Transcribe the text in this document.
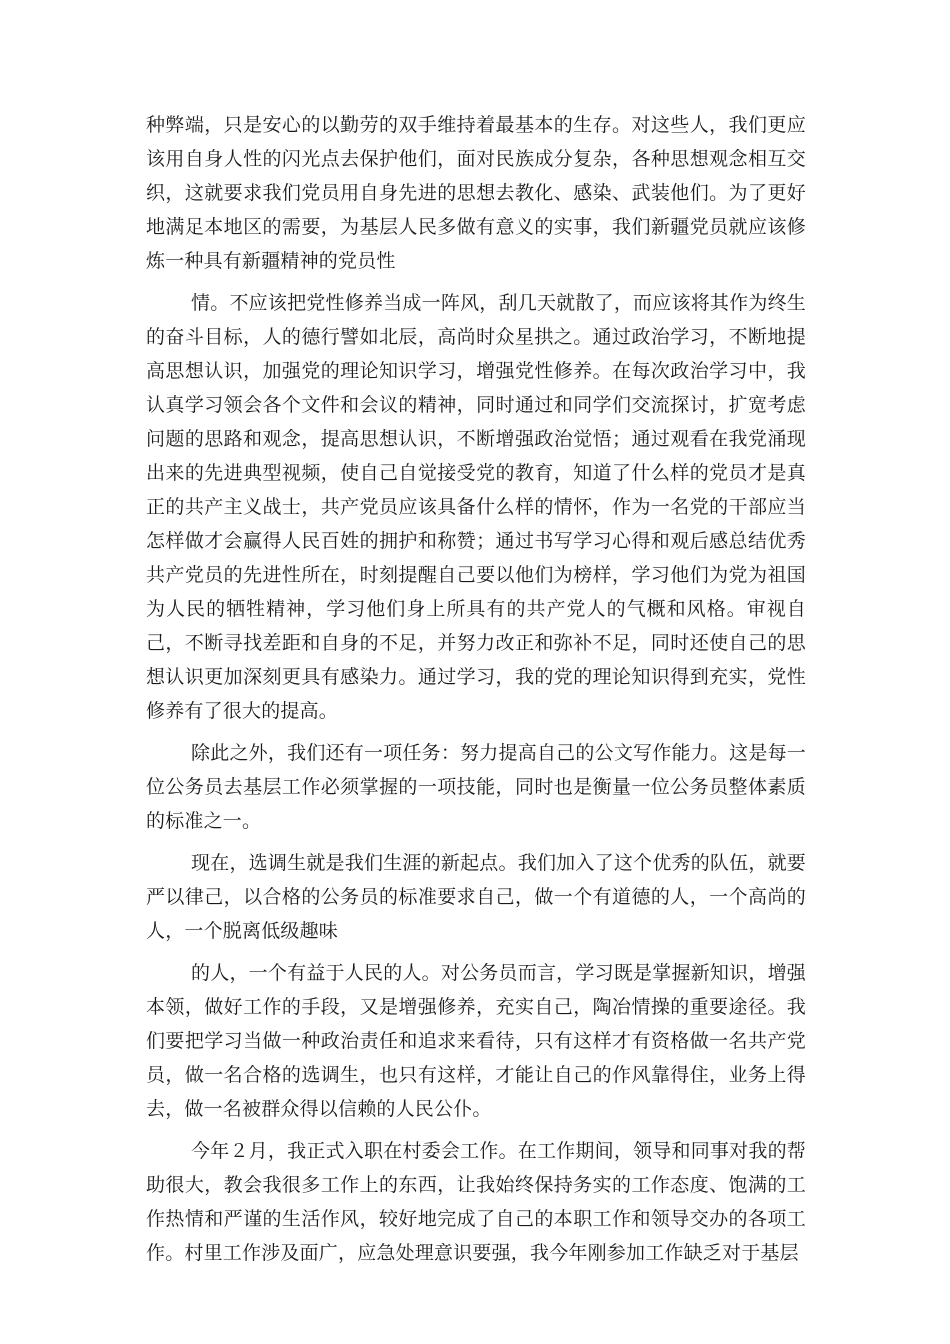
种弊端，只是安心的以勤劳的双手维持着最基本的生存。对这些人，我们更应该用自身人性的闪光点去保护他们，面对民族成分复杂，各种思想观念相互交织，这就要求我们党员用自身先进的思想去教化、感染、武装他们。为了更好地满足本地区的需要，为基层人民多做有意义的实事，我们新疆党员就应该修炼一种具有新疆精神的党员性

情。不应该把党性修养当成一阵风，刮几天就散了，而应该将其作为终生的奋斗目标，人的德行譬如北辰，高尚时众星拱之。通过政治学习，不断地提高思想认识，加强党的理论知识学习，增强党性修养。在每次政治学习中，我认真学习领会各个文件和会议的精神，同时通过和同学们交流探讨，扩宽考虑问题的思路和观念，提高思想认识，不断增强政治觉悟；通过观看在我党涌现出来的先进典型视频，使自己自觉接受党的教育，知道了什么样的党员才是真正的共产主义战士，共产党员应该具备什么样的情怀，作为一名党的干部应当怎样做才会赢得人民百姓的拥护和称赞；通过书写学习心得和观后感总结优秀共产党员的先进性所在，时刻提醒自己要以他们为榜样，学习他们为党为祖国为人民的牺牲精神，学习他们身上所具有的共产党人的气概和风格。审视自己，不断寻找差距和自身的不足，并努力改正和弥补不足，同时还使自己的思想认识更加深刻更具有感染力。通过学习，我的党的理论知识得到充实，党性修养有了很大的提高。

除此之外，我们还有一项任务：努力提高自己的公文写作能力。这是每一位公务员去基层工作必须掌握的一项技能，同时也是衡量一位公务员整体素质的标准之一。

现在，选调生就是我们生涯的新起点。我们加入了这个优秀的队伍，就要严以律己，以合格的公务员的标准要求自己，做一个有道德的人，一个高尚的人，一个脱离低级趣味

的人，一个有益于人民的人。对公务员而言，学习既是掌握新知识，增强本领，做好工作的手段，又是增强修养，充实自己，陶冶情操的重要途径。我们要把学习当做一种政治责任和追求来看待，只有这样才有资格做一名共产党员，做一名合格的选调生，也只有这样，才能让自己的作风靠得住，业务上得去，做一名被群众得以信赖的人民公仆。

今年２月，我正式入职在村委会工作。在工作期间，领导和同事对我的帮助很大，教会我很多工作上的东西，让我始终保持务实的工作态度、饱满的工作热情和严谨的生活作风，较好地完成了自己的本职工作和领导交办的各项工作。村里工作涉及面广，应急处理意识要强，我今年刚参加工作缺乏对于基层
